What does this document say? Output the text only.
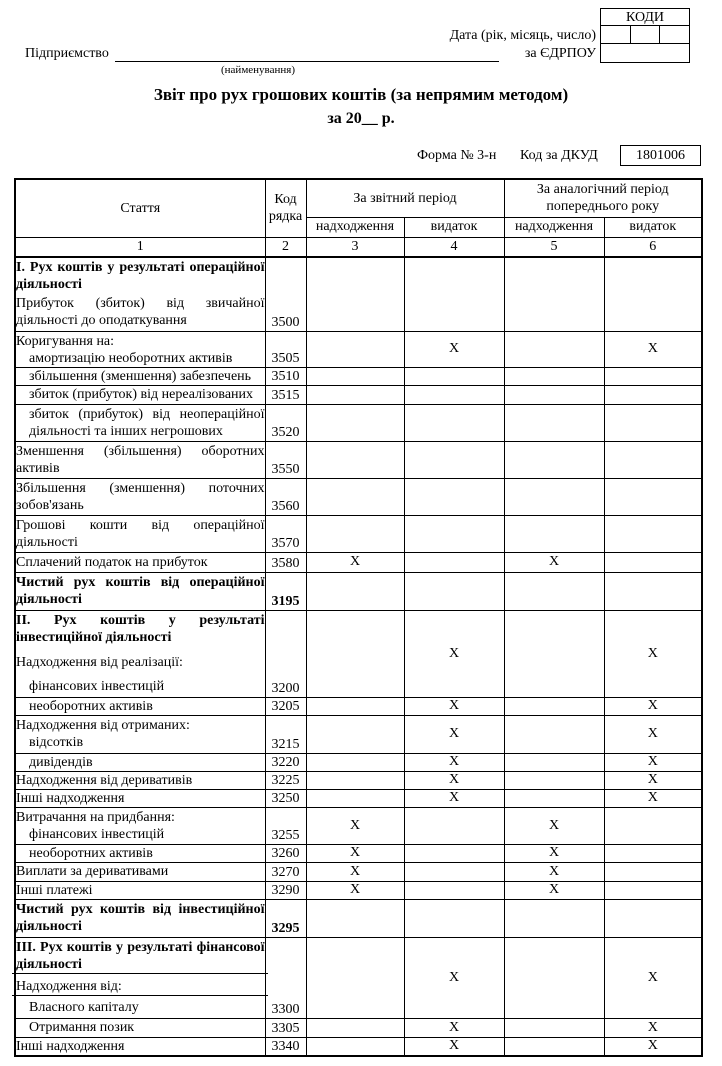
КОДИ
Дата (рік, місяць, число)
Підприємство	за ЄДРПОУ
(найменування)
Звіт про рух грошових коштів (за непрямим методом)
за 20__ р.
Форма № 3-н Код за ДКУД	1801006
Стаття	Код рядка	За звітний період		За аналогічний період попереднього року	
		надходження	видаток	надходження	видаток
1	2	3	4	5	6

I. Рух коштів у результаті операційної діяльності
Прибуток (збиток) від звичайної діяльності до оподаткування	3500				

Коригування на:
амортизацію необоротних активів	3505		X		X

збільшення (зменшення) забезпечень	3510				

збиток (прибуток) від нереалізованих	3515				

збиток (прибуток) від неопераційної діяльності та інших негрошових	3520				

Зменшення (збільшення) оборотних активів	3550				

Збільшення (зменшення) поточних зобов'язань	3560				

Грошові кошти від операційної діяльності	3570				

Сплачений податок на прибуток	3580	X		X	

Чистий рух коштів від операційної діяльності	3195				

II. Рух коштів у результаті інвестиційної діяльності
Надходження від реалізації:
фінансових інвестицій	3200		X		X

необоротних активів	3205		X		X

Надходження від отриманих:
відсотків	3215		X		X

дивідендів	3220		X		X

Надходження від деривативів	3225		X		X

Інші надходження	3250		X		X

Витрачання на придбання:
фінансових інвестицій	3255	X		X	

необоротних активів	3260	X		X	

Виплати за деривативами	3270	X		X	

Інші платежі	3290	X		X	

Чистий рух коштів від інвестиційної діяльності	3295				

III. Рух коштів у результаті фінансової діяльності
Надходження від:
Власного капіталу	3300		X		X

Отримання позик	3305		X		X

Інші надходження	3340		X		X
